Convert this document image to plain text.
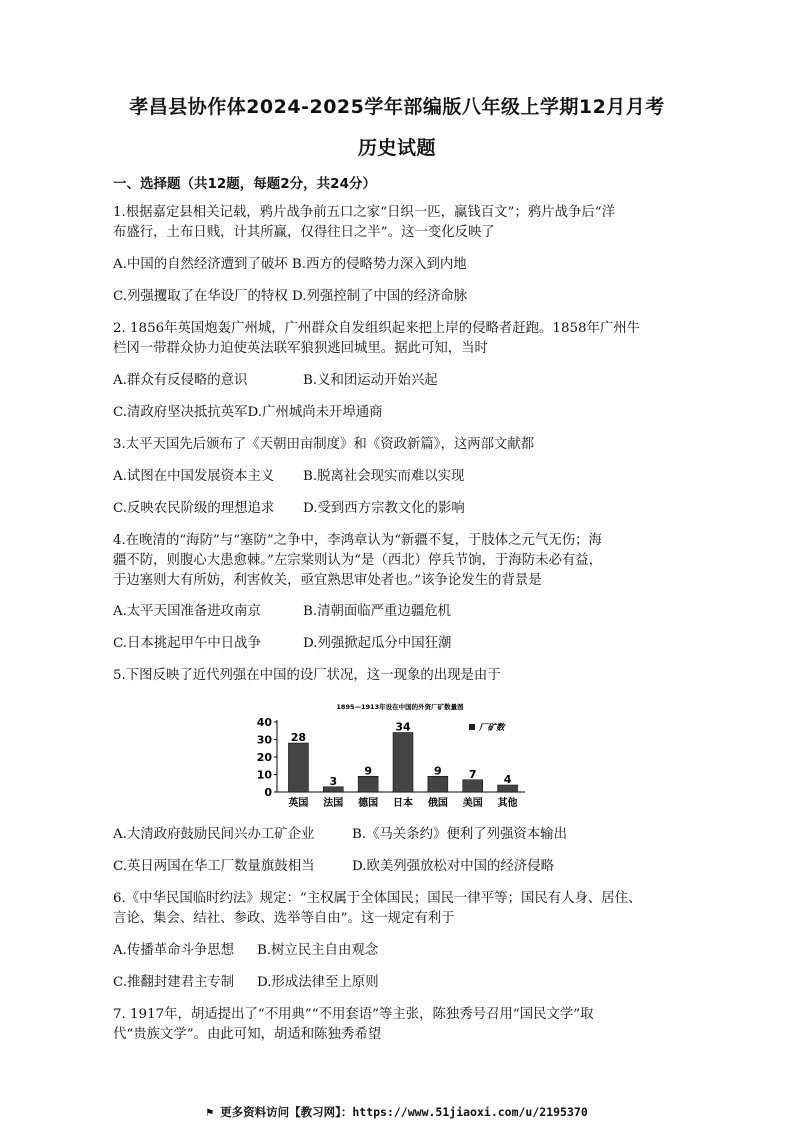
孝昌县协作体2024-2025学年部编版八年级上学期12月月考
历史试题
一、选择题（共12题，每题2分，共24分）
1.根据嘉定县相关记载，鸦片战争前五口之家“日织一匹，赢钱百文”；鸦片战争后“洋
布盛行，土布日贱，计其所赢，仅得往日之半”。这一变化反映了
A.中国的自然经济遭到了破坏 B.西方的侵略势力深入到内地
C.列强攫取了在华设厂的特权 D.列强控制了中国的经济命脉
2. 1856年英国炮轰广州城，广州群众自发组织起来把上岸的侵略者赶跑。1858年广州牛
栏冈一带群众协力迫使英法联军狼狈逃回城里。据此可知，当时
A.群众有反侵略的意识	B.义和团运动开始兴起
C.清政府坚决抵抗英军D.广州城尚未开埠通商
3.太平天国先后颁布了《天朝田亩制度》和《资政新篇》，这两部文献都
A.试图在中国发展资本主义 B.脱离社会现实而难以实现
C.反映农民阶级的理想追求 D.受到西方宗教文化的影响
4.在晚清的“海防”与“塞防”之争中，李鸿章认为“新疆不复，于肢体之元气无伤；海
疆不防，则腹心大患愈棘。”左宗棠则认为“是（西北）停兵节饷，于海防未必有益，
于边塞则大有所妨，利害攸关，亟宜熟思审处者也。”该争论发生的背景是
A.太平天国准备进攻南京	B.清朝面临严重边疆危机
C.日本挑起甲午中日战争	D.列强掀起瓜分中国狂潮
5.下图反映了近代列强在中国的设厂状况，这一现象的出现是由于
1895—1913年设在中国的外资厂矿数量图
0
10
20
30
40
28
英国
3
法国
9
德国
34
日本
9
俄国
7
美国
4
其他
厂矿数
A.大清政府鼓励民间兴办工矿企业	B.《马关条约》便利了列强资本输出
C.英日两国在华工厂数量旗鼓相当	D.欧美列强放松对中国的经济侵略
6.《中华民国临时约法》规定：“主权属于全体国民；国民一律平等；国民有人身、居住、
言论、集会、结社、参政、选举等自由”。这一规定有利于
A.传播革命斗争思想 B.树立民主自由观念
C.推翻封建君主专制 D.形成法律至上原则
7. 1917年，胡适提出了“不用典”“不用套语”等主张，陈独秀号召用“国民文学”取
代“贵族文学”。由此可知，胡适和陈独秀希望
⚑ 更多资料访问【教习网】：https://www.51jiaoxi.com/u/2195370
